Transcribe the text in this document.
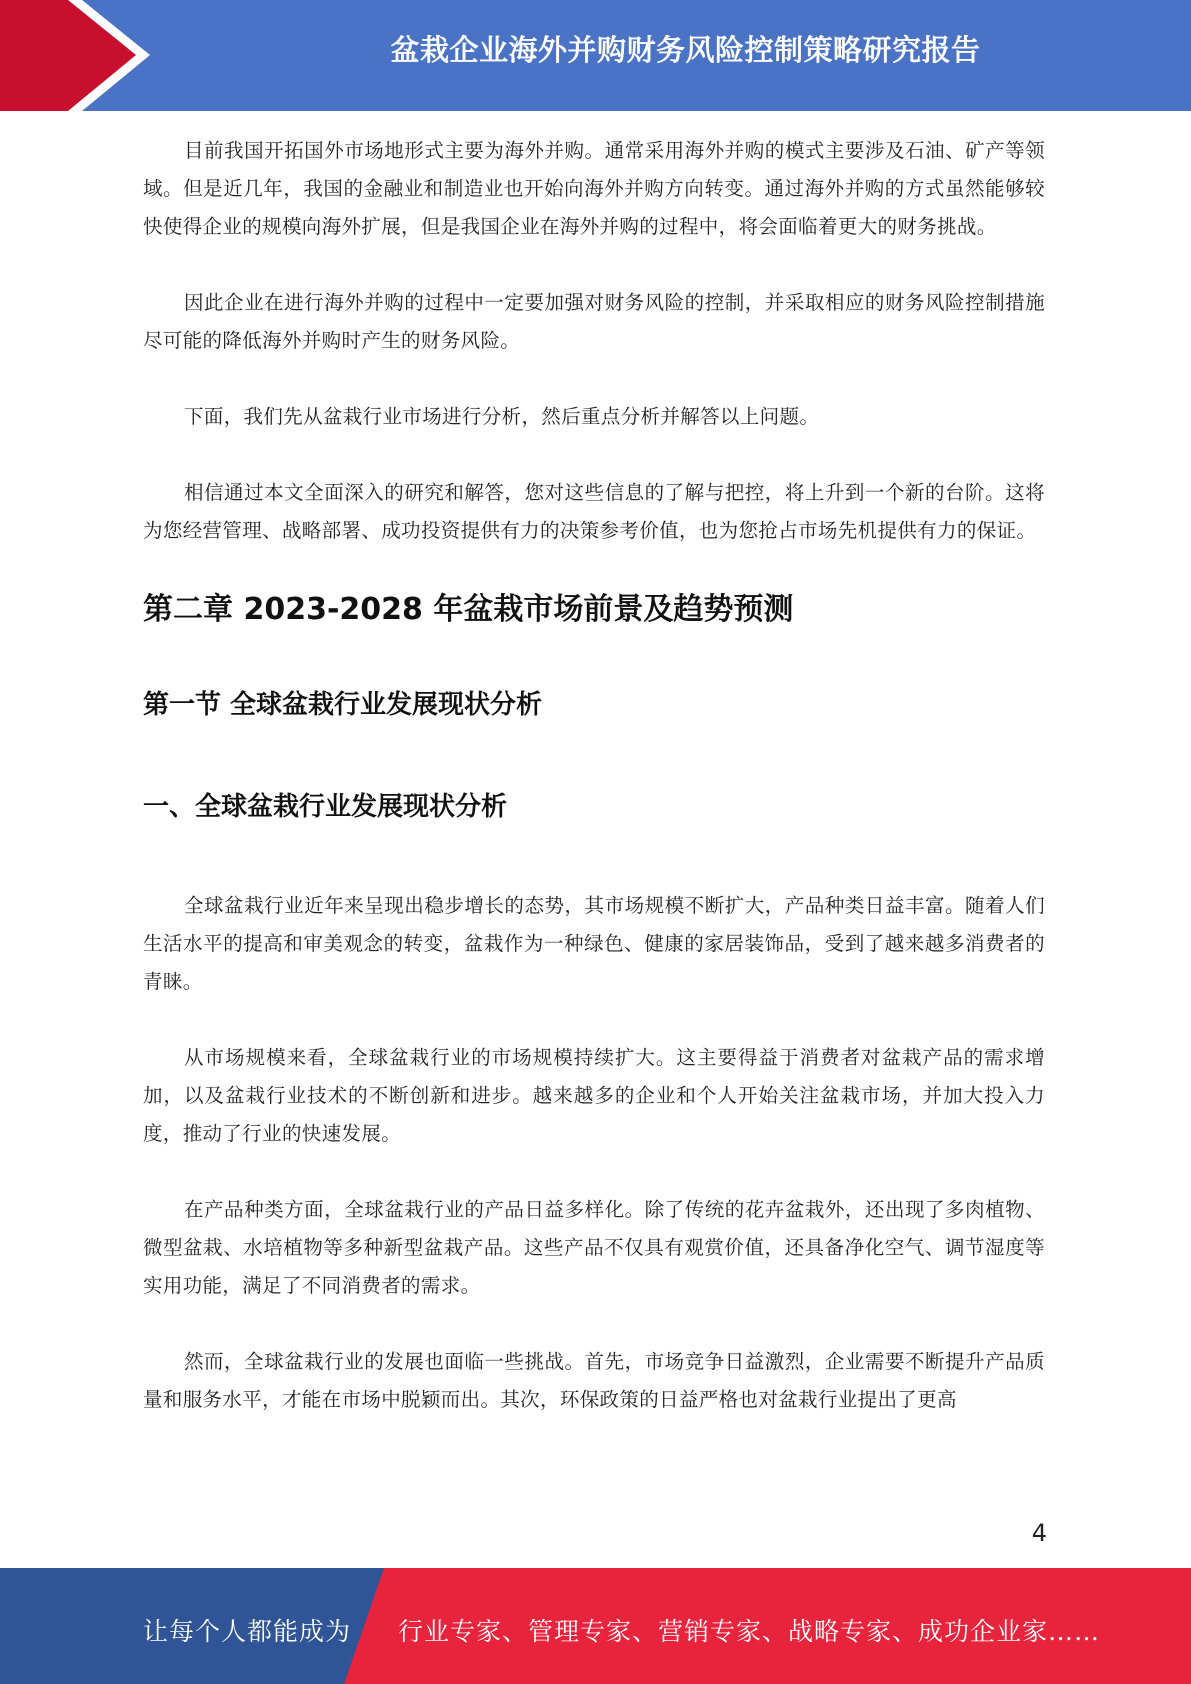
盆栽企业海外并购财务风险控制策略研究报告

目前我国开拓国外市场地形式主要为海外并购。通常采用海外并购的模式主要涉及石油、矿产等领域。但是近几年，我国的金融业和制造业也开始向海外并购方向转变。通过海外并购的方式虽然能够较快使得企业的规模向海外扩展，但是我国企业在海外并购的过程中，将会面临着更大的财务挑战。

因此企业在进行海外并购的过程中一定要加强对财务风险的控制，并采取相应的财务风险控制措施尽可能的降低海外并购时产生的财务风险。

下面，我们先从盆栽行业市场进行分析，然后重点分析并解答以上问题。

相信通过本文全面深入的研究和解答，您对这些信息的了解与把控，将上升到一个新的台阶。这将为您经营管理、战略部署、成功投资提供有力的决策参考价值，也为您抢占市场先机提供有力的保证。

第二章 2023-2028 年盆栽市场前景及趋势预测
第一节 全球盆栽行业发展现状分析
一、全球盆栽行业发展现状分析

全球盆栽行业近年来呈现出稳步增长的态势，其市场规模不断扩大，产品种类日益丰富。随着人们生活水平的提高和审美观念的转变，盆栽作为一种绿色、健康的家居装饰品，受到了越来越多消费者的青睐。

从市场规模来看，全球盆栽行业的市场规模持续扩大。这主要得益于消费者对盆栽产品的需求增加，以及盆栽行业技术的不断创新和进步。越来越多的企业和个人开始关注盆栽市场，并加大投入力度，推动了行业的快速发展。

在产品种类方面，全球盆栽行业的产品日益多样化。除了传统的花卉盆栽外，还出现了多肉植物、微型盆栽、水培植物等多种新型盆栽产品。这些产品不仅具有观赏价值，还具备净化空气、调节湿度等实用功能，满足了不同消费者的需求。

然而，全球盆栽行业的发展也面临一些挑战。首先，市场竞争日益激烈，企业需要不断提升产品质量和服务水平，才能在市场中脱颖而出。其次，环保政策的日益严格也对盆栽行业提出了更高

4
让每个人都能成为 行业专家、管理专家、营销专家、战略专家、成功企业家……
